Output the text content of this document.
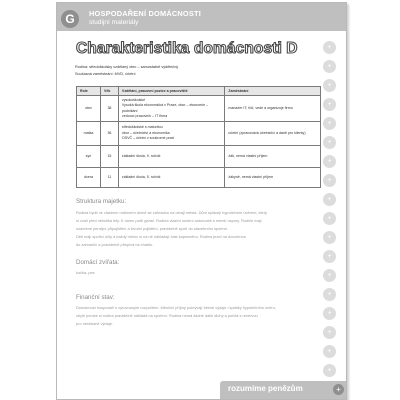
G	HOSPODAŘENÍ DOMÁCNOSTI
studijní materiály
Charakteristika domácnosti D
Rodina: středoškolsky vzdělaný otec – samostatně výdělečný
Současná zaměstnání: MVD, účetní
Role	Věk	Vzdělání, pracovní pozice a pracoviště	Zaměstnání
otec	38	vysokoškolské
Vysoká škola ekonomická v Praze, obor – ekonomie – podnikání
vedoucí pracovník – IT firma	manažer IT; řídí, vede a organizuje firmu
matka	36	středoškolské s maturitou
obor – účetnictví a ekonomika
OSVČ – účetní v soukromé praxi	účetní (zpracovává účetnictví a daně pro klienty)
syn	15	základní škola, 9. ročník	žák, nemá vlastní příjem
dcera	11	základní škola, 5. ročník	žákyně, nemá vlastní příjem
Struktura majetku:
Rodina bydlí ve vlastním rodinném domě se zahradou na okraji města. Dům splácejí hypotečním úvěrem, který
si vzali před několika lety. K domu patří garáž. Rodina vlastní osobní automobil a menší úspory. Rodiče mají
uzavřené penzijní připojištění a životní pojištění, pravidelně spoří do stavebního spoření.
Děti mají spořicí účty a každý měsíc si na ně odkládají část kapesného. Rodina jezdí na dovolenou
do zahraničí a pravidelně přispívá na charitu.
Domácí zvířata:
kočka, pes
Finanční stav:
Domácnost hospodaří s vyrovnaným rozpočtem. Měsíční příjmy pokrývají běžné výdaje i splátky hypotečního úvěru,
zbylé peníze si rodina pravidelně odkládá na spoření. Rodina nemá žádné další dluhy a počítá s rezervou
pro nečekané výdaje.
+
+
+
+
+
+
+
+
+
+
+
+
+
+
+
+
+
+
rozumíme penězům	+
